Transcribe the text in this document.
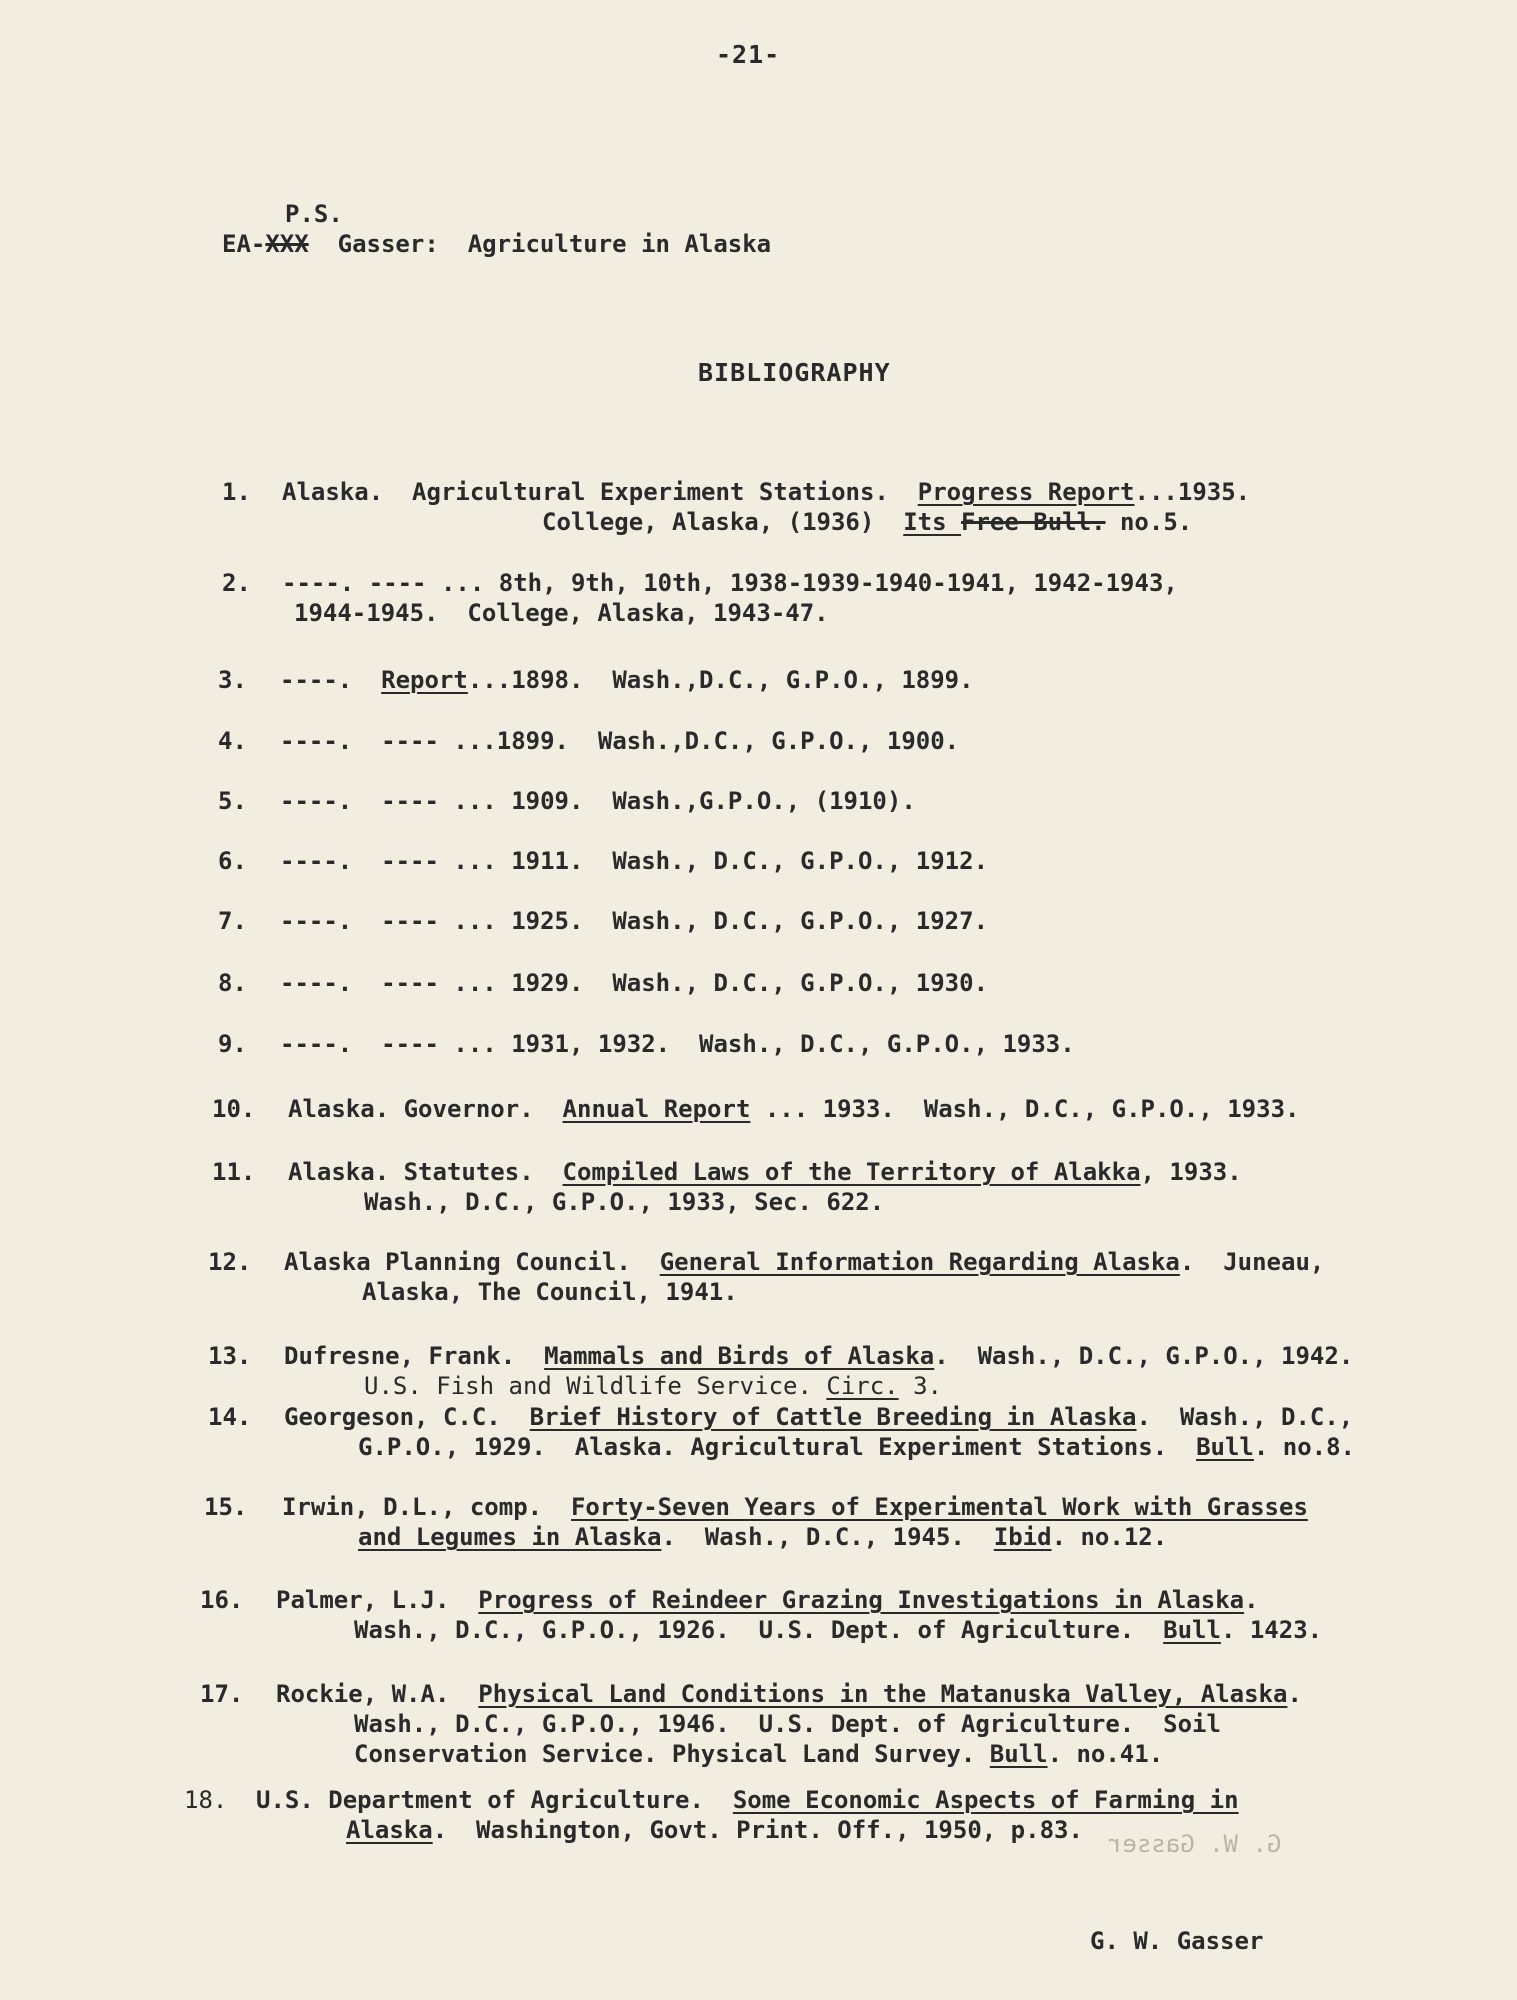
-21-
P.S.
EA-XXX Gasser: Agriculture in Alaska
BIBLIOGRAPHY

1.

Alaska.  Agricultural Experiment Stations.  Progress Report...1935.

College, Alaska, (1936)  Its Free Bull. no.5.

2.

----. ---- ... 8th, 9th, 10th, 1938-1939-1940-1941, 1942-1943,

1944-1945.  College, Alaska, 1943-47.

3.

----.  Report...1898.  Wash.,D.C., G.P.O., 1899.

4.

----.  ---- ...1899.  Wash.,D.C., G.P.O., 1900.

5.

----.  ---- ... 1909.  Wash.,G.P.O., (1910).

6.

----.  ---- ... 1911.  Wash., D.C., G.P.O., 1912.

7.

----.  ---- ... 1925.  Wash., D.C., G.P.O., 1927.

8.

----.  ---- ... 1929.  Wash., D.C., G.P.O., 1930.

9.

----.  ---- ... 1931, 1932.  Wash., D.C., G.P.O., 1933.

10.

Alaska. Governor.  Annual Report ... 1933.  Wash., D.C., G.P.O., 1933.

11.

Alaska. Statutes.  Compiled Laws of the Territory of Alakka, 1933.

Wash., D.C., G.P.O., 1933, Sec. 622.

12.

Alaska Planning Council.  General Information Regarding Alaska.  Juneau,

Alaska, The Council, 1941.

13.

Dufresne, Frank.  Mammals and Birds of Alaska.  Wash., D.C., G.P.O., 1942.

U.S. Fish and Wildlife Service. Circ. 3.

14.

Georgeson, C.C.  Brief History of Cattle Breeding in Alaska.  Wash., D.C.,

G.P.O., 1929.  Alaska. Agricultural Experiment Stations.  Bull. no.8.

15.

Irwin, D.L., comp.  Forty-Seven Years of Experimental Work with Grasses

and Legumes in Alaska.  Wash., D.C., 1945.  Ibid. no.12.

16.

Palmer, L.J.  Progress of Reindeer Grazing Investigations in Alaska.

Wash., D.C., G.P.O., 1926.  U.S. Dept. of Agriculture.  Bull. 1423.

17.

Rockie, W.A.  Physical Land Conditions in the Matanuska Valley, Alaska.

Wash., D.C., G.P.O., 1946.  U.S. Dept. of Agriculture.  Soil

Conservation Service. Physical Land Survey. Bull. no.41.

18.

U.S. Department of Agriculture.  Some Economic Aspects of Farming in

Alaska.  Washington, Govt. Print. Off., 1950, p.83.

G. W. Gasser
G. W. Gasser
